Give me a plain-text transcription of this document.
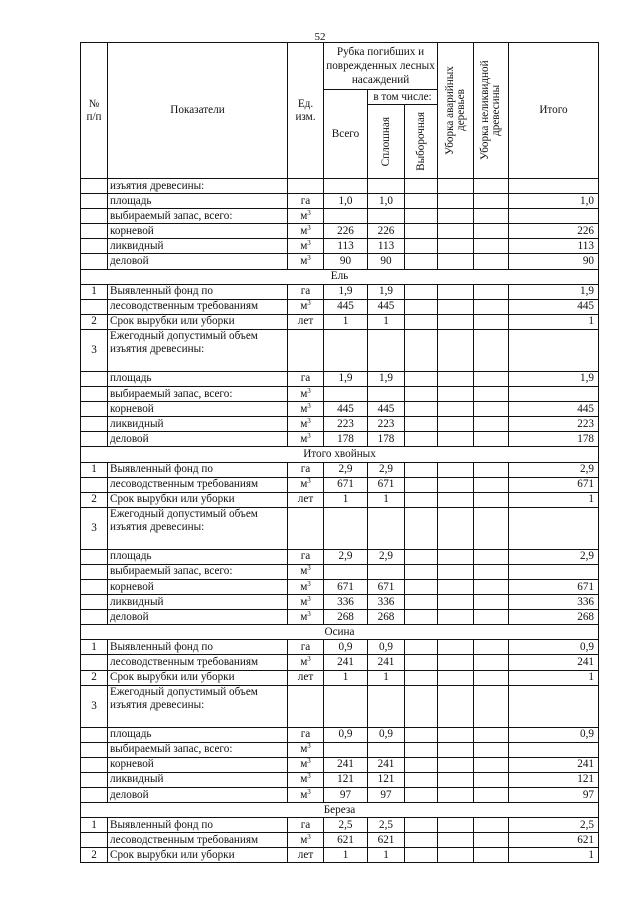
52
№ п/п	Показатели	Ед. изм.	Рубка погибших и поврежденных лесных насаждений			Уборка аварийных деревьев	Уборка неликвидной древесины	Итого
			Всего	в том числе:				

				Сплошная	Выборочная			

	изъятия древесины:							
	площадь	га	1,0	1,0				1,0
	выбираемый запас, всего:	$м^3$						
	корневой	$м^3$	226	226				226
	ликвидный	$м^3$	113	113				113
	деловой	$м^3$	90	90				90
Ель								
1	Выявленный фонд по	га	1,9	1,9				1,9
	лесоводственным требованиям	$м^3$	445	445				445
2	Срок вырубки или уборки	лет	1	1				1
3	Ежегодный допустимый объем изъятия древесины:							
	площадь	га	1,9	1,9				1,9
	выбираемый запас, всего:	$м^3$						
	корневой	$м^3$	445	445				445
	ликвидный	$м^3$	223	223				223
	деловой	$м^3$	178	178				178
Итого хвойных								
1	Выявленный фонд по	га	2,9	2,9				2,9
	лесоводственным требованиям	$м^3$	671	671				671
2	Срок вырубки или уборки	лет	1	1				1
3	Ежегодный допустимый объем изъятия древесины:							
	площадь	га	2,9	2,9				2,9
	выбираемый запас, всего:	$м^3$						
	корневой	$м^3$	671	671				671
	ликвидный	$м^3$	336	336				336
	деловой	$м^3$	268	268				268
Осина								
1	Выявленный фонд по	га	0,9	0,9				0,9
	лесоводственным требованиям	$м^3$	241	241				241
2	Срок вырубки или уборки	лет	1	1				1
3	Ежегодный допустимый объем изъятия древесины:							
	площадь	га	0,9	0,9				0,9
	выбираемый запас, всего:	$м^3$						
	корневой	$м^3$	241	241				241
	ликвидный	$м^3$	121	121				121
	деловой	$м^3$	97	97				97
Береза								
1	Выявленный фонд по	га	2,5	2,5				2,5
	лесоводственным требованиям	$м^3$	621	621				621
2	Срок вырубки или уборки	лет	1	1				1
